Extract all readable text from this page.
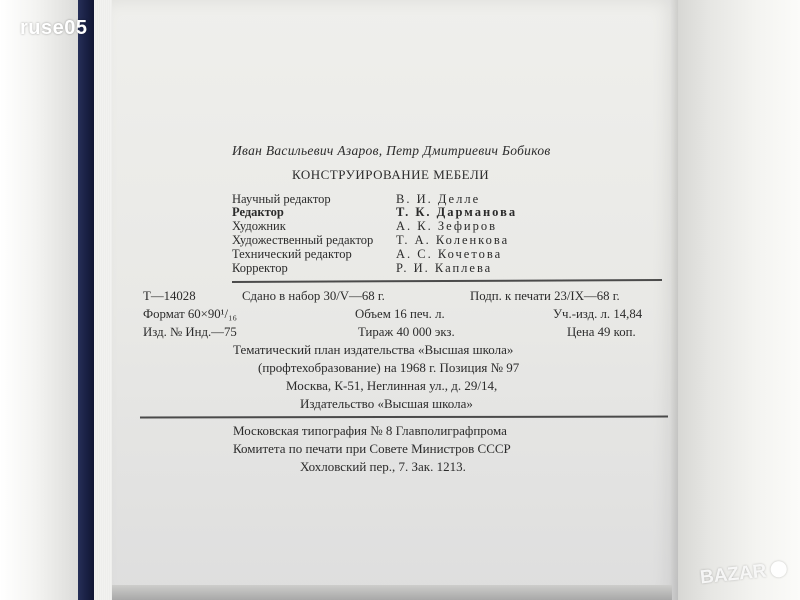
ruse05
BAZAR
Иван Васильевич Азаров, Петр Дмитриевич Бобиков
КОНСТРУИРОВАНИЕ МЕБЕЛИ
Научный редактор	В. И. Делле
Редактор	Т. К. Дарманова
Художник	А. К. Зефиров
Художественный редактор Т. А. Коленкова
Технический редактор	А. С. Кочетова
Корректор	Р. И. Каплева
Т—14028	Сдано в набор 30/V—68 г.	Подп. к печати 23/IX—68 г.
Формат 60×90¹/₁₆	Объем 16 печ. л.	Уч.-изд. л. 14,84
Изд. № Инд.—75	Тираж 40 000 экз.	Цена 49 коп.
Тематический план издательства «Высшая школа»
(профтехобразование) на 1968 г. Позиция № 97
Москва, К-51, Неглинная ул., д. 29/14,
Издательство «Высшая школа»
Московская типография № 8 Главполиграфпрома
Комитета по печати при Совете Министров СССР
Хохловский пер., 7. Зак. 1213.
